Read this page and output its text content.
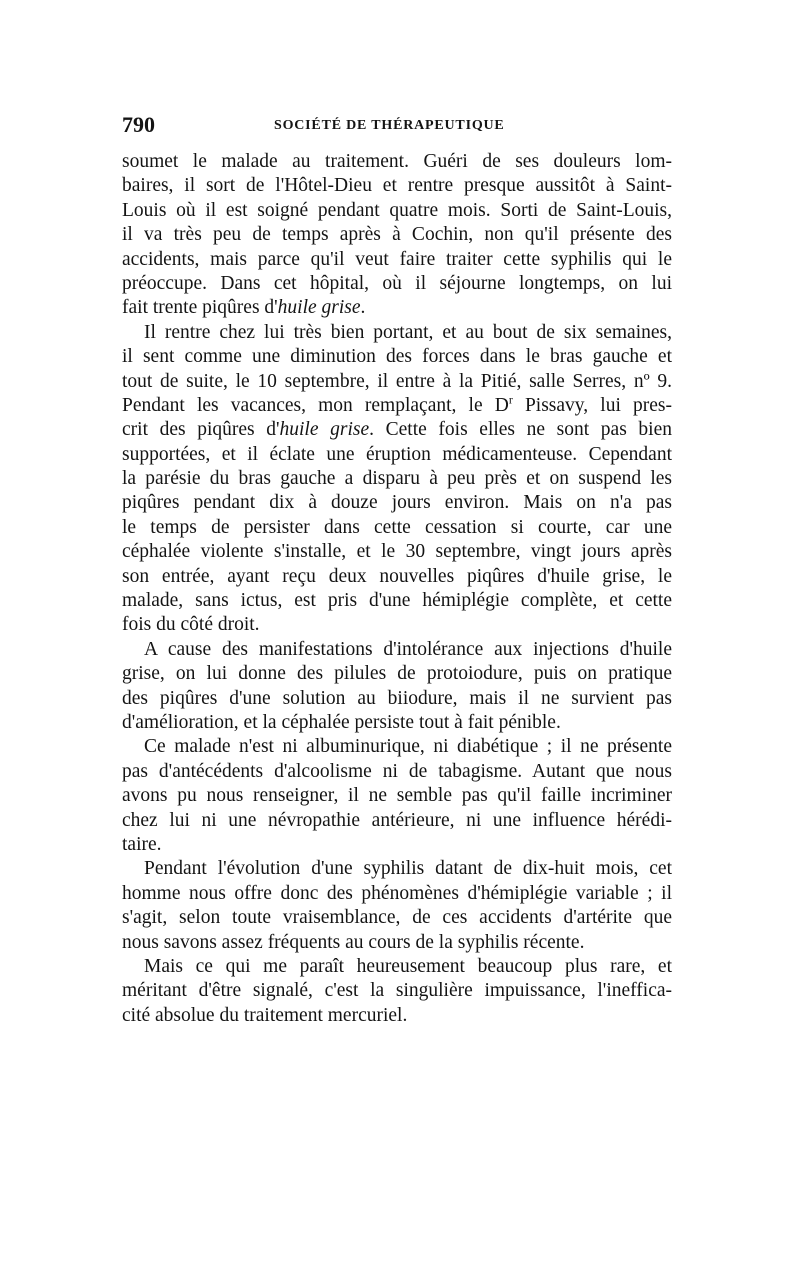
790	SOCIÉTÉ DE THÉRAPEUTIQUE
soumet le malade au traitement. Guéri de ses douleurs lom-
baires, il sort de l'Hôtel-Dieu et rentre presque aussitôt à Saint-
Louis où il est soigné pendant quatre mois. Sorti de Saint-Louis,
il va très peu de temps après à Cochin, non qu'il présente des
accidents, mais parce qu'il veut faire traiter cette syphilis qui le
préoccupe. Dans cet hôpital, où il séjourne longtemps, on lui
fait trente piqûres d'huile grise.
Il rentre chez lui très bien portant, et au bout de six semaines,
il sent comme une diminution des forces dans le bras gauche et
tout de suite, le 10 septembre, il entre à la Pitié, salle Serres, nº 9.
Pendant les vacances, mon remplaçant, le $D^r$ Pissavy, lui pres-
crit des piqûres d'huile grise. Cette fois elles ne sont pas bien
supportées, et il éclate une éruption médicamenteuse. Cependant
la parésie du bras gauche a disparu à peu près et on suspend les
piqûres pendant dix à douze jours environ. Mais on n'a pas
le temps de persister dans cette cessation si courte, car une
céphalée violente s'installe, et le 30 septembre, vingt jours après
son entrée, ayant reçu deux nouvelles piqûres d'huile grise, le
malade, sans ictus, est pris d'une hémiplégie complète, et cette
fois du côté droit.
A cause des manifestations d'intolérance aux injections d'huile
grise, on lui donne des pilules de protoiodure, puis on pratique
des piqûres d'une solution au biiodure, mais il ne survient pas
d'amélioration, et la céphalée persiste tout à fait pénible.
Ce malade n'est ni albuminurique, ni diabétique ; il ne présente
pas d'antécédents d'alcoolisme ni de tabagisme. Autant que nous
avons pu nous renseigner, il ne semble pas qu'il faille incriminer
chez lui ni une névropathie antérieure, ni une influence hérédi-
taire.
Pendant l'évolution d'une syphilis datant de dix-huit mois, cet
homme nous offre donc des phénomènes d'hémiplégie variable ; il
s'agit, selon toute vraisemblance, de ces accidents d'artérite que
nous savons assez fréquents au cours de la syphilis récente.
Mais ce qui me paraît heureusement beaucoup plus rare, et
méritant d'être signalé, c'est la singulière impuissance, l'inefficа-
cité absolue du traitement mercuriel.
